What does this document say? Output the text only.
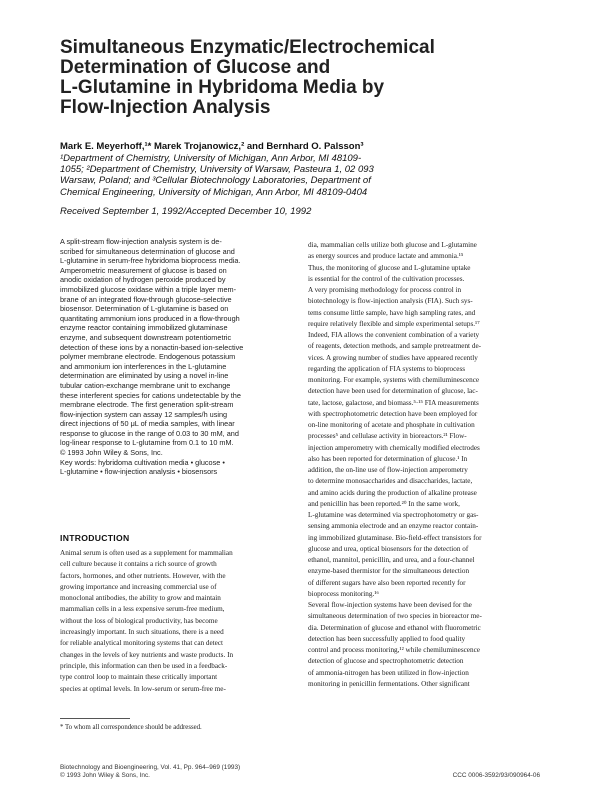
Simultaneous Enzymatic/Electrochemical
Determination of Glucose and
L-Glutamine in Hybridoma Media by
Flow-Injection Analysis
Mark E. Meyerhoff,¹* Marek Trojanowicz,² and Bernhard O. Palsson³
¹Department of Chemistry, University of Michigan, Ann Arbor, MI 48109-
1055; ²Department of Chemistry, University of Warsaw, Pasteura 1, 02 093
Warsaw, Poland; and ³Cellular Biotechnology Laboratories, Department of
Chemical Engineering, University of Michigan, Ann Arbor, MI 48109-0404
Received September 1, 1992/Accepted December 10, 1992
A split-stream flow-injection analysis system is de-
scribed for simultaneous determination of glucose and
L-glutamine in serum-free hybridoma bioprocess media.
Amperometric measurement of glucose is based on
anodic oxidation of hydrogen peroxide produced by
immobilized glucose oxidase within a triple layer mem-
brane of an integrated flow-through glucose-selective
biosensor. Determination of L-glutamine is based on
quantitating ammonium ions produced in a flow-through
enzyme reactor containing immobilized glutaminase
enzyme, and subsequent downstream potentiometric
detection of these ions by a nonactin-based ion-selective
polymer membrane electrode. Endogenous potassium
and ammonium ion interferences in the L-glutamine
determination are eliminated by using a novel in-line
tubular cation-exchange membrane unit to exchange
these interferent species for cations undetectable by the
membrane electrode. The first generation split-stream
flow-injection system can assay 12 samples/h using
direct injections of 50 μL of media samples, with linear
response to glucose in the range of 0.03 to 30 mM, and
log-linear response to L-glutamine from 0.1 to 10 mM.
© 1993 John Wiley & Sons, Inc.
Key words: hybridoma cultivation media • glucose •
L-glutamine • flow-injection analysis • biosensors
INTRODUCTION
Animal serum is often used as a supplement for mammalian
cell culture because it contains a rich source of growth
factors, hormones, and other nutrients. However, with the
growing importance and increasing commercial use of
monoclonal antibodies, the ability to grow and maintain
mammalian cells in a less expensive serum-free medium,
without the loss of biological productivity, has become
increasingly important. In such situations, there is a need
for reliable analytical monitoring systems that can detect
changes in the levels of key nutrients and waste products. In
principle, this information can then be used in a feedback-
type control loop to maintain these critically important
species at optimal levels. In low-serum or serum-free me-
dia, mammalian cells utilize both glucose and L-glutamine
as energy sources and produce lactate and ammonia.¹⁵
Thus, the monitoring of glucose and L-glutamine uptake
is essential for the control of the cultivation processes.
A very promising methodology for process control in
biotechnology is flow-injection analysis (FIA). Such sys-
tems consume little sample, have high sampling rates, and
require relatively flexible and simple experimental setups.¹⁷
Indeed, FIA allows the convenient combination of a variety
of reagents, detection methods, and sample pretreatment de-
vices. A growing number of studies have appeared recently
regarding the application of FIA systems to bioprocess
monitoring. For example, systems with chemiluminescence
detection have been used for determination of glucose, lac-
tate, lactose, galactose, and biomass.⁵·¹⁵ FIA measurements
with spectrophotometric detection have been employed for
on-line monitoring of acetate and phosphate in cultivation
processes⁵ and cellulase activity in bioreactors.²¹ Flow-
injection amperometry with chemically modified electrodes
also has been reported for determination of glucose.¹ In
addition, the on-line use of flow-injection amperometry
to determine monosaccharides and disaccharides, lactate,
and amino acids during the production of alkaline protease
and penicillin has been reported.²⁰ In the same work,
L-glutamine was determined via spectrophotometry or gas-
sensing ammonia electrode and an enzyme reactor contain-
ing immobilized glutaminase. Bio-field-effect transistors for
glucose and urea, optical biosensors for the detection of
ethanol, mannitol, penicillin, and urea, and a four-channel
enzyme-based thermistor for the simultaneous detection
of different sugars have also been reported recently for
bioprocess monitoring.¹⁶
Several flow-injection systems have been devised for the
simultaneous determination of two species in bioreactor me-
dia. Determination of glucose and ethanol with fluorometric
detection has been successfully applied to food quality
control and process monitoring,¹² while chemiluminescence
detection of glucose and spectrophotometric detection
of ammonia-nitrogen has been utilized in flow-injection
monitoring in penicillin fermentations. Other significant
* To whom all correspondence should be addressed.
Biotechnology and Bioengineering, Vol. 41, Pp. 964–969 (1993)
© 1993 John Wiley & Sons, Inc.	CCC 0006-3592/93/090964-06
